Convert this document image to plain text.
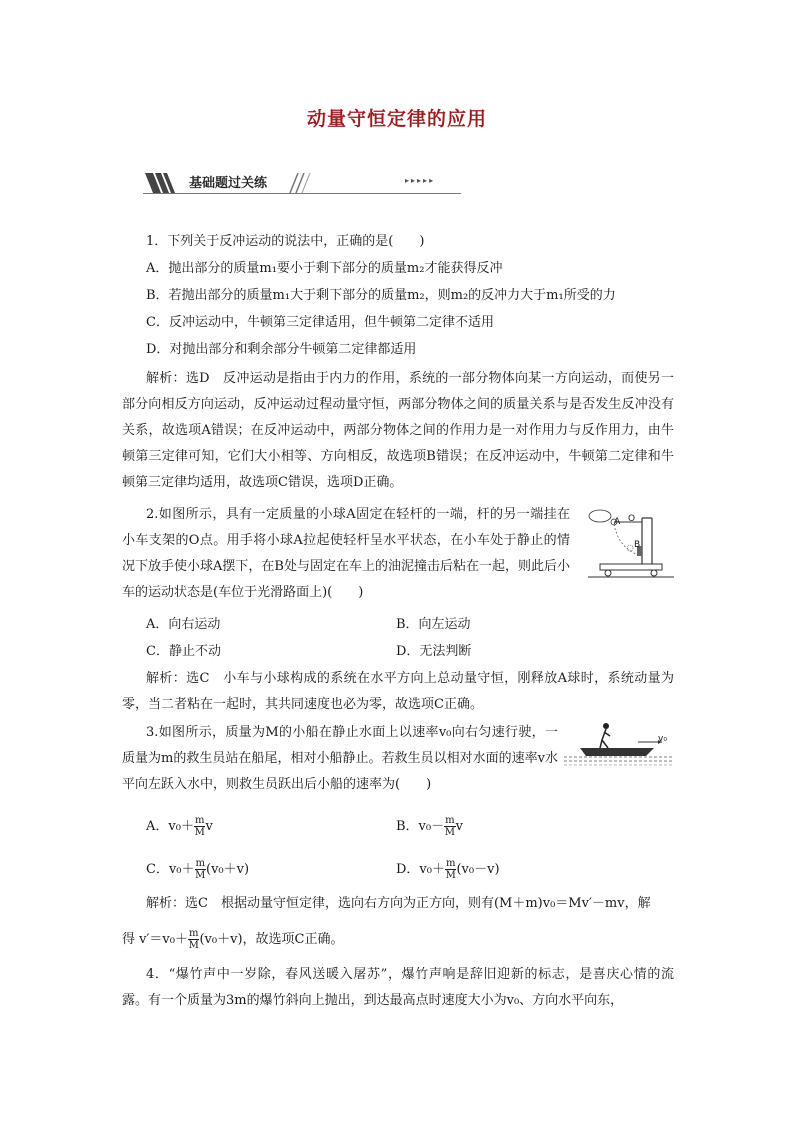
动量守恒定律的应用
基础题过关练	▸▸▸▸▸
1．下列关于反冲运动的说法中，正确的是(　　)
A．抛出部分的质量m₁要小于剩下部分的质量m₂才能获得反冲
B．若抛出部分的质量m₁大于剩下部分的质量m₂，则m₂的反冲力大于m₁所受的力
C．反冲运动中，牛顿第三定律适用，但牛顿第二定律不适用
D．对抛出部分和剩余部分牛顿第二定律都适用
解析：选D　反冲运动是指由于内力的作用，系统的一部分物体向某一方向运动，而使另一部分向相反方向运动，反冲运动过程动量守恒，两部分物体之间的质量关系与是否发生反冲没有关系，故选项A错误；在反冲运动中，两部分物体之间的作用力是一对作用力与反作用力，由牛顿第三定律可知，它们大小相等、方向相反，故选项B错误；在反冲运动中，牛顿第二定律和牛顿第三定律均适用，故选项C错误，选项D正确。
2.如图所示，具有一定质量的小球A固定在轻杆的一端，杆的另一端挂在小车支架的O点。用手将小球A拉起使轻杆呈水平状态，在小车处于静止的情况下放手使小球A摆下，在B处与固定在车上的油泥撞击后粘在一起，则此后小车的运动状态是(车位于光滑路面上)(　　)
A O
B
A．向右运动	B．向左运动
C．静止不动	D．无法判断
解析：选C　小车与小球构成的系统在水平方向上总动量守恒，刚释放A球时，系统动量为零，当二者粘在一起时，其共同速度也必为零，故选项C正确。
3.如图所示，质量为M的小船在静止水面上以速率v₀向右匀速行驶，一质量为m的救生员站在船尾，相对小船静止。若救生员以相对水面的速率v水平向左跃入水中，则救生员跃出后小船的速率为(　　)
v₀
A．$v_0+ \frac{m}{M}$ v	B．$v_0- \frac{m}{M}$ v
C．$v_0+ \frac{m}{M} (v_0+v)$	D．$v_0+ \frac{m}{M} (v_0-v)$
解析：选C　根据动量守恒定律，选向右方向为正方向，则有(M＋m)v₀＝Mv′－mv，解
得 $v'=v_0+ \frac{m}{M} (v_0+v)$，故选项C正确。
4．“爆竹声中一岁除，春风送暖入屠苏”，爆竹声响是辞旧迎新的标志，是喜庆心情的流露。有一个质量为3m的爆竹斜向上抛出，到达最高点时速度大小为v₀、方向水平向东，
